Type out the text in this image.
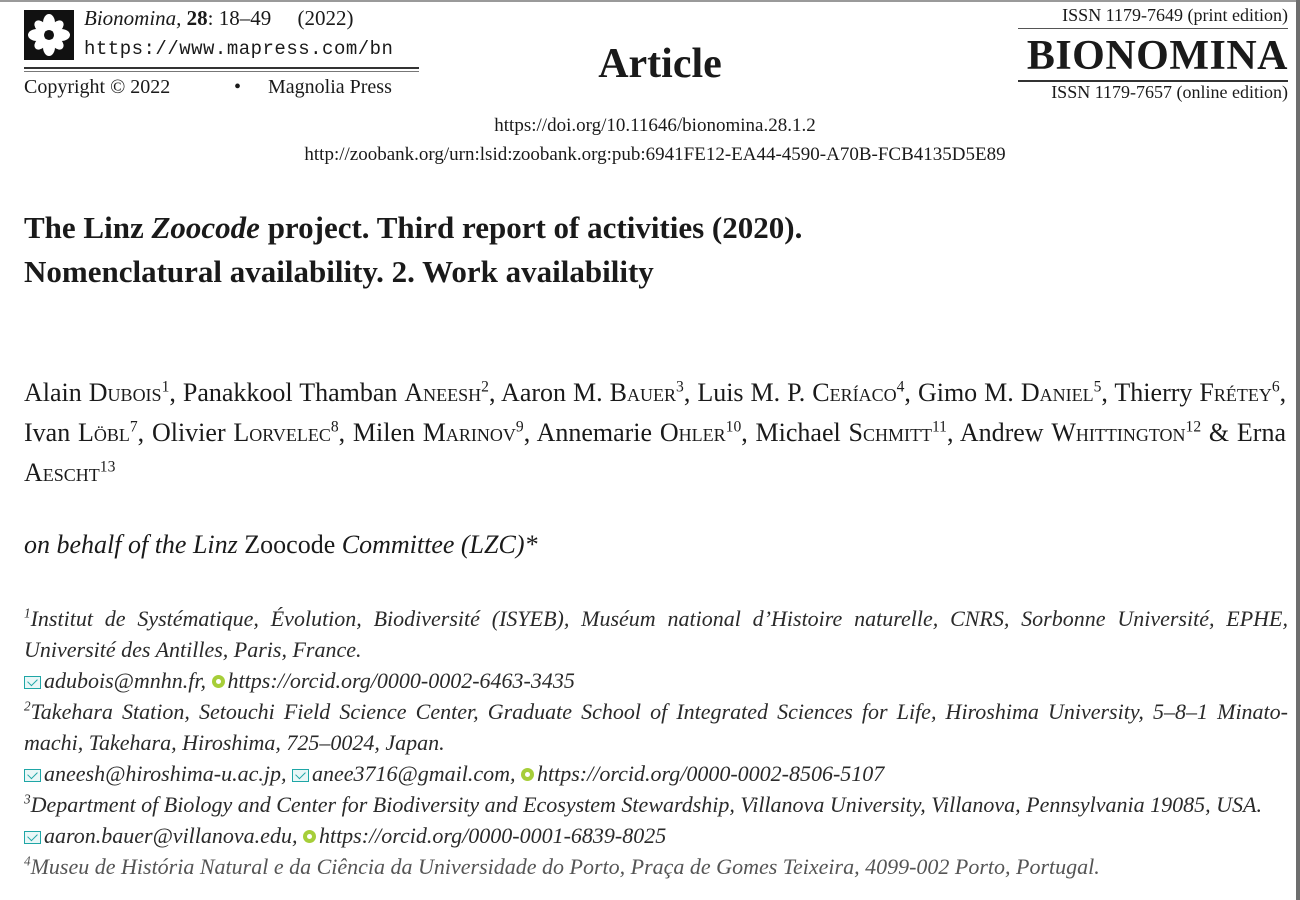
Bionomina, 28: 18–49 (2022)
https://www.mapress.com/bn
Copyright © 2022	• Magnolia Press	Article
ISSN 1179-7649 (print edition)
BIONOMINA
ISSN 1179-7657 (online edition)
https://doi.org/10.11646/bionomina.28.1.2
http://zoobank.org/urn:lsid:zoobank.org:pub:6941FE12-EA44-4590-A70B-FCB4135D5E89
The Linz Zoocode project. Third report of activities (2020).
Nomenclatural availability. 2. Work availability
Alain Dubois$^1$, Panakkool Thamban Aneesh$^2$, Aaron M. Bauer$^3$, Luis M. P. Ceríaco$^4$, Gimo M. Daniel$^5$, Thierry Frétey$^6$, Ivan Löbl$^7$, Olivier Lorvelec$^8$, Milen Marinov$^9$, Annemarie Ohler$^{10}$, Michael Schmitt$^{11}$, Andrew Whittington$^{12}$ & Erna Aescht$^{13}$
on behalf of the Linz Zoocode Committee (LZC)*
$^1$Institut de Systématique, Évolution, Biodiversité (ISYEB), Muséum national d’Histoire naturelle, CNRS, Sorbonne Université, EPHE, Université des Antilles, Paris, France.
adubois@mnhn.fr, https://orcid.org/0000-0002-6463-3435
$^2$Takehara Station, Setouchi Field Science Center, Graduate School of Integrated Sciences for Life, Hiroshima University, 5–8–1 Minato-machi, Takehara, Hiroshima, 725–0024, Japan.
aneesh@hiroshima-u.ac.jp, anee3716@gmail.com, https://orcid.org/0000-0002-8506-5107
$^3$Department of Biology and Center for Biodiversity and Ecosystem Stewardship, Villanova University, Villanova, Pennsylvania 19085, USA.
aaron.bauer@villanova.edu, https://orcid.org/0000-0001-6839-8025
$^4$Museu de História Natural e da Ciência da Universidade do Porto, Praça de Gomes Teixeira, 4099-002 Porto, Portugal.
